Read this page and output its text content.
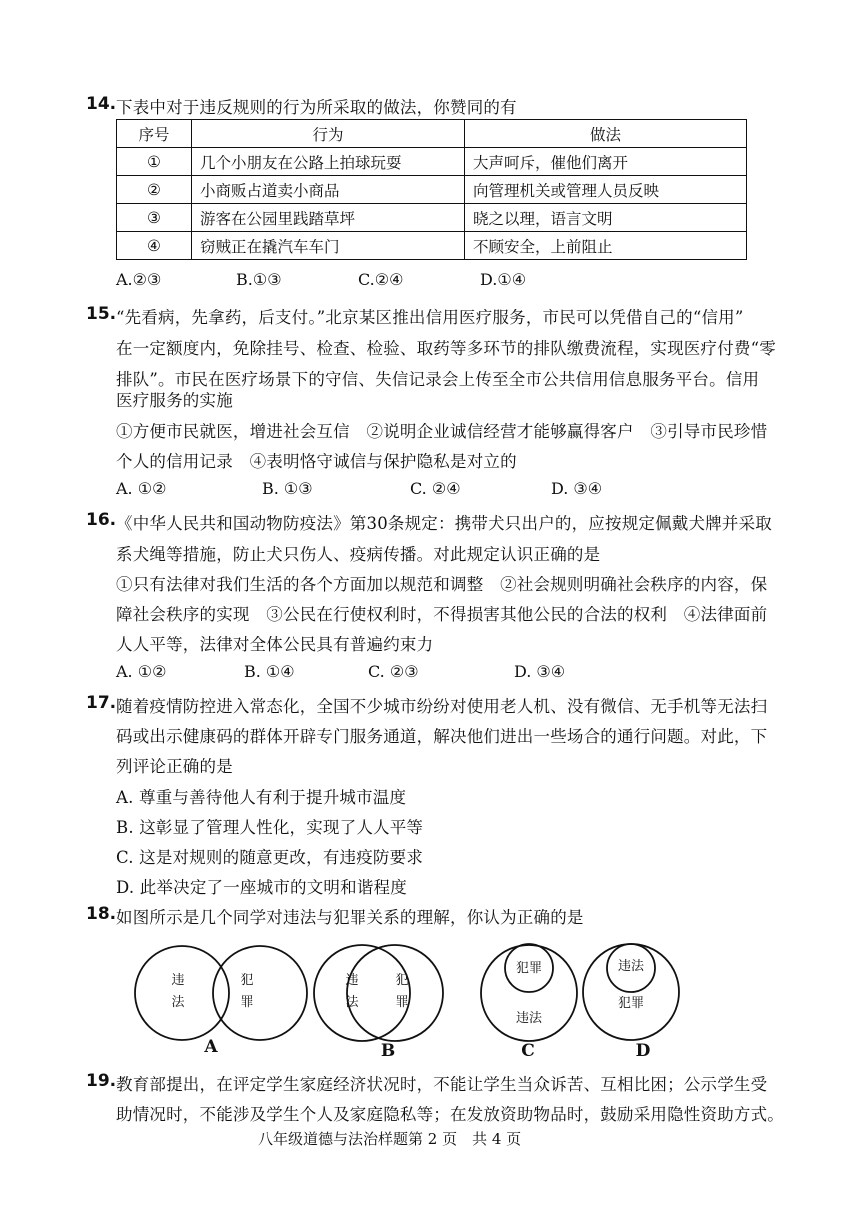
14. 下表中对于违反规则的行为所采取的做法，你赞同的有
序号	行为	做法
①	几个小朋友在公路上拍球玩耍	大声呵斥，催他们离开
②	小商贩占道卖小商品	向管理机关或管理人员反映
③	游客在公园里践踏草坪	晓之以理，语言文明
④	窃贼正在撬汽车车门	不顾安全，上前阻止
A.②③	B.①③	C.②④	D.①④
15. “先看病，先拿药，后支付。”北京某区推出信用医疗服务，市民可以凭借自己的“信用”
在一定额度内，免除挂号、检查、检验、取药等多环节的排队缴费流程，实现医疗付费“零
排队”。市民在医疗场景下的守信、失信记录会上传至全市公共信用信息服务平台。信用
医疗服务的实施
①方便市民就医，增进社会互信　②说明企业诚信经营才能够赢得客户　③引导市民珍惜
个人的信用记录　④表明恪守诚信与保护隐私是对立的
A. ①②	B. ①③	C. ②④	D. ③④
16. 《中华人民共和国动物防疫法》第30条规定：携带犬只出户的，应按规定佩戴犬牌并采取
系犬绳等措施，防止犬只伤人、疫病传播。对此规定认识正确的是
①只有法律对我们生活的各个方面加以规范和调整　②社会规则明确社会秩序的内容，保
障社会秩序的实现　③公民在行使权利时，不得损害其他公民的合法的权利　④法律面前
人人平等，法律对全体公民具有普遍约束力
A. ①②	B. ①④	C. ②③	D. ③④
17. 随着疫情防控进入常态化，全国不少城市纷纷对使用老人机、没有微信、无手机等无法扫
码或出示健康码的群体开辟专门服务通道，解决他们进出一些场合的通行问题。对此，下
列评论正确的是
A. 尊重与善待他人有利于提升城市温度
B. 这彰显了管理人性化，实现了人人平等
C. 这是对规则的随意更改，有违疫防要求
D. 此举决定了一座城市的文明和谐程度
18. 如图所示是几个同学对违法与犯罪关系的理解，你认为正确的是
违
法
犯
罪
违
法
犯
罪
犯罪
违法
违法
犯罪
A	B	C	D
19. 教育部提出，在评定学生家庭经济状况时，不能让学生当众诉苦、互相比困；公示学生受
助情况时，不能涉及学生个人及家庭隐私等；在发放资助物品时，鼓励采用隐性资助方式。
八年级道德与法治样题第 2 页　共 4 页
